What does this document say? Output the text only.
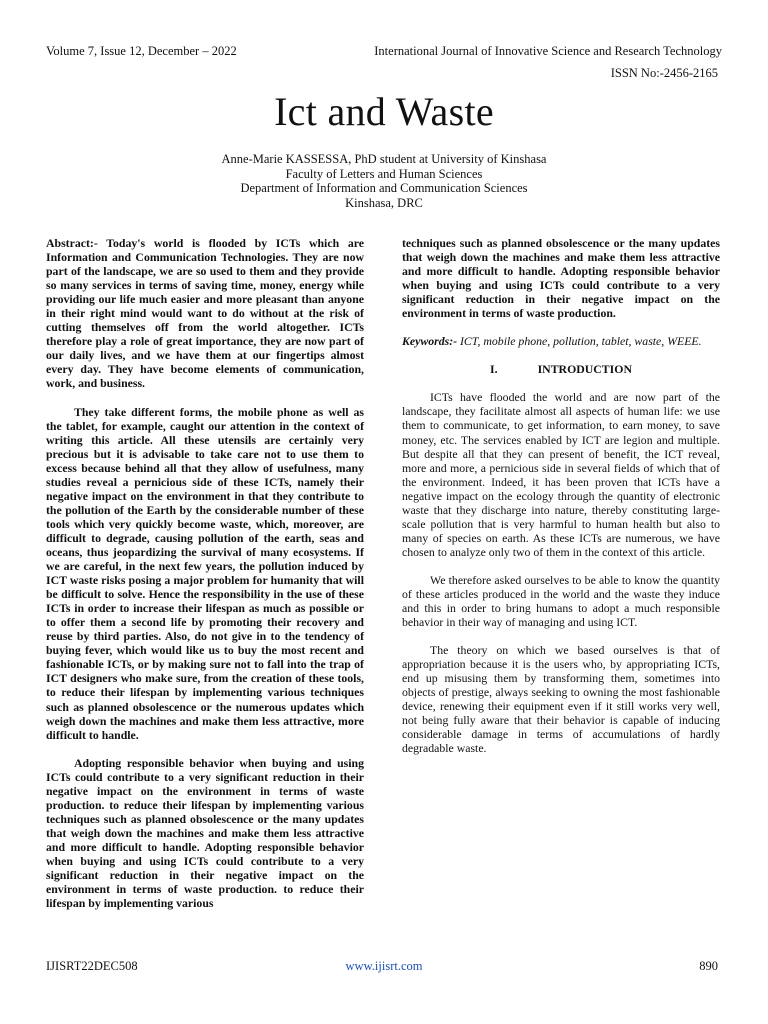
Volume 7, Issue 12, December – 2022	International Journal of Innovative Science and Research Technology
ISSN No:-2456-2165
Ict and Waste
Anne-Marie KASSESSA, PhD student at University of Kinshasa
Faculty of Letters and Human Sciences
Department of Information and Communication Sciences
Kinshasa, DRC

Abstract:- Today's world is flooded by ICTs which are Information and Communication Technologies. They are now part of the landscape, we are so used to them and they provide so many services in terms of saving time, money, energy while providing our life much easier and more pleasant than anyone in their right mind would want to do without at the risk of cutting themselves off from the world altogether. ICTs therefore play a role of great importance, they are now part of our daily lives, and we have them at our fingertips almost every day. They have become elements of communication, work, and business.

They take different forms, the mobile phone as well as the tablet, for example, caught our attention in the context of writing this article. All these utensils are certainly very precious but it is advisable to take care not to use them to excess because behind all that they allow of usefulness, many studies reveal a pernicious side of these ICTs, namely their negative impact on the environment in that they contribute to the pollution of the Earth by the considerable number of these tools which very quickly become waste, which, moreover, are difficult to degrade, causing pollution of the earth, seas and oceans, thus jeopardizing the survival of many ecosystems. If we are careful, in the next few years, the pollution induced by ICT waste risks posing a major problem for humanity that will be difficult to solve. Hence the responsibility in the use of these ICTs in order to increase their lifespan as much as possible or to offer them a second life by promoting their recovery and reuse by third parties. Also, do not give in to the tendency of buying fever, which would like us to buy the most recent and fashionable ICTs, or by making sure not to fall into the trap of ICT designers who make sure, from the creation of these tools, to reduce their lifespan by implementing various techniques such as planned obsolescence or the numerous updates which weigh down the machines and make them less attractive, more difficult to handle.

Adopting responsible behavior when buying and using ICTs could contribute to a very significant reduction in their negative impact on the environment in terms of waste production. to reduce their lifespan by implementing various techniques such as planned obsolescence or the many updates that weigh down the machines and make them less attractive and more difficult to handle. Adopting responsible behavior when buying and using ICTs could contribute to a very significant reduction in their negative impact on the environment in terms of waste production. to reduce their lifespan by implementing various

techniques such as planned obsolescence or the many updates that weigh down the machines and make them less attractive and more difficult to handle. Adopting responsible behavior when buying and using ICTs could contribute to a very significant reduction in their negative impact on the environment in terms of waste production.

Keywords:- ICT, mobile phone, pollution, tablet, waste, WEEE.

I.	INTRODUCTION

ICTs have flooded the world and are now part of the landscape, they facilitate almost all aspects of human life: we use them to communicate, to get information, to earn money, to save money, etc. The services enabled by ICT are legion and multiple. But despite all that they can present of benefit, the ICT reveal, more and more, a pernicious side in several fields of which that of the environment. Indeed, it has been proven that ICTs have a negative impact on the ecology through the quantity of electronic waste that they discharge into nature, thereby constituting large-scale pollution that is very harmful to human health but also to many of species on earth. As these ICTs are numerous, we have chosen to analyze only two of them in the context of this article.

We therefore asked ourselves to be able to know the quantity of these articles produced in the world and the waste they induce and this in order to bring humans to adopt a much responsible behavior in their way of managing and using ICT.

The theory on which we based ourselves is that of appropriation because it is the users who, by appropriating ICTs, end up misusing them by transforming them, sometimes into objects of prestige, always seeking to owning the most fashionable device, renewing their equipment even if it still works very well, not being fully aware that their behavior is capable of inducing considerable damage in terms of accumulations of hardly degradable waste.

IJISRT22DEC508	www.ijisrt.com	890
